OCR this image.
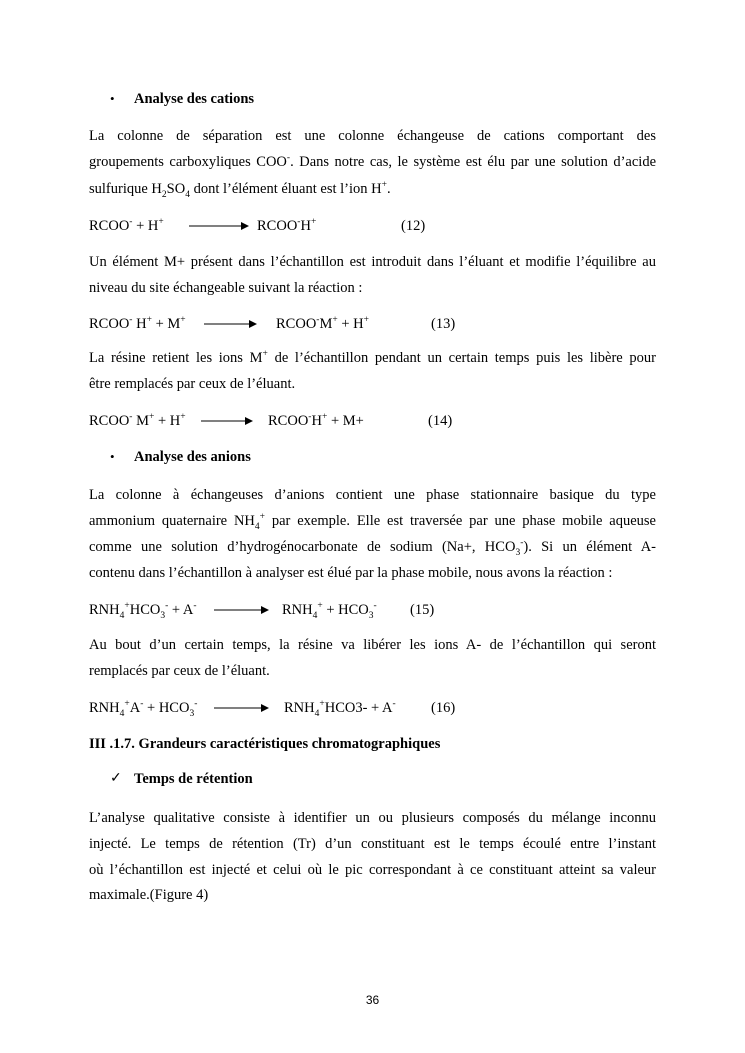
• Analyse des cations
La colonne de séparation est une colonne échangeuse de cations comportant des
groupements carboxyliques COO-. Dans notre cas, le système est élu par une solution d’acide
sulfurique $H_2SO_4$ dont l’élément éluant est l’ion H+.
RCOO- + H+	RCOO-H+	(12)
Un élément M+ présent dans l’échantillon est introduit dans l’éluant et modifie l’équilibre au
niveau du site échangeable suivant la réaction :
RCOO- H+ + M+ → RCOO-M+ + H+	(13)
La résine retient les ions M+ de l’échantillon pendant un certain temps puis les libère pour
être remplacés par ceux de l’éluant.
RCOO- M+ + H+ → RCOO-H+ + M+	(14)
• Analyse des anions
La colonne à échangeuses d’anions contient une phase stationnaire basique du type
ammonium quaternaire $NH_4^+$ par exemple. Elle est traversée par une phase mobile aqueuse
comme une solution d’hydrogénocarbonate de sodium (Na+, $HCO_3^-$). Si un élément A-
contenu dans l’échantillon à analyser est élué par la phase mobile, nous avons la réaction :
$RNH_4^+HCO_3^- + A^- \to RNH_4^+ + HCO_3^-$ (15)
Au bout d’un certain temps, la résine va libérer les ions A- de l’échantillon qui seront
remplacés par ceux de l’éluant.
$RNH_4^+A^- + HCO_3^- \to RNH_4^+HCO3- + A^-$ (16)
III .1.7. Grandeurs caractéristiques chromatographiques
✓ Temps de rétention
L’analyse qualitative consiste à identifier un ou plusieurs composés du mélange inconnu
injecté. Le temps de rétention (Tr) d’un constituant est le temps écoulé entre l’instant
où l’échantillon est injecté et celui où le pic correspondant à ce constituant atteint sa valeur
maximale.(Figure 4)
36
